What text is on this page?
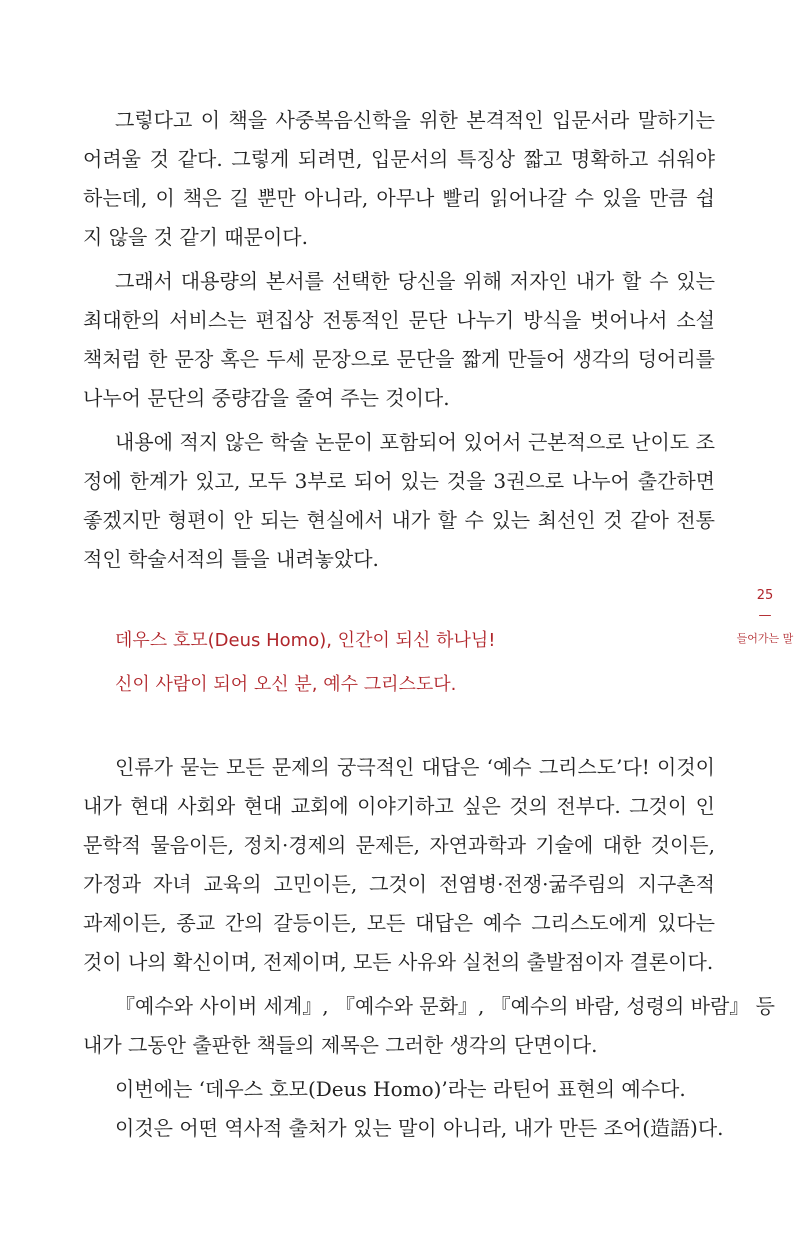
그렇다고 이 책을 사중복음신학을 위한 본격적인 입문서라 말하기는
어려울 것 같다. 그렇게 되려면, 입문서의 특징상 짧고 명확하고 쉬워야
하는데, 이 책은 길 뿐만 아니라, 아무나 빨리 읽어나갈 수 있을 만큼 쉽
지 않을 것 같기 때문이다.
그래서 대용량의 본서를 선택한 당신을 위해 저자인 내가 할 수 있는
최대한의 서비스는 편집상 전통적인 문단 나누기 방식을 벗어나서 소설
책처럼 한 문장 혹은 두세 문장으로 문단을 짧게 만들어 생각의 덩어리를
나누어 문단의 중량감을 줄여 주는 것이다.
내용에 적지 않은 학술 논문이 포함되어 있어서 근본적으로 난이도 조
정에 한계가 있고, 모두 3부로 되어 있는 것을 3권으로 나누어 출간하면
좋겠지만 형편이 안 되는 현실에서 내가 할 수 있는 최선인 것 같아 전통
적인 학술서적의 틀을 내려놓았다.
데우스 호모(Deus Homo), 인간이 되신 하나님!
신이 사람이 되어 오신 분, 예수 그리스도다.
인류가 묻는 모든 문제의 궁극적인 대답은 ‘예수 그리스도’다! 이것이
내가 현대 사회와 현대 교회에 이야기하고 싶은 것의 전부다. 그것이 인
문학적 물음이든, 정치·경제의 문제든, 자연과학과 기술에 대한 것이든,
가정과 자녀 교육의 고민이든, 그것이 전염병·전쟁·굶주림의 지구촌적
과제이든, 종교 간의 갈등이든, 모든 대답은 예수 그리스도에게 있다는
것이 나의 확신이며, 전제이며, 모든 사유와 실천의 출발점이자 결론이다.
『예수와 사이버 세계』, 『예수와 문화』, 『예수의 바람, 성령의 바람』 등
내가 그동안 출판한 책들의 제목은 그러한 생각의 단면이다.
이번에는 ‘데우스 호모(Deus Homo)’라는 라틴어 표현의 예수다.
이것은 어떤 역사적 출처가 있는 말이 아니라, 내가 만든 조어(造語)다.
25
—
들어가는 말
